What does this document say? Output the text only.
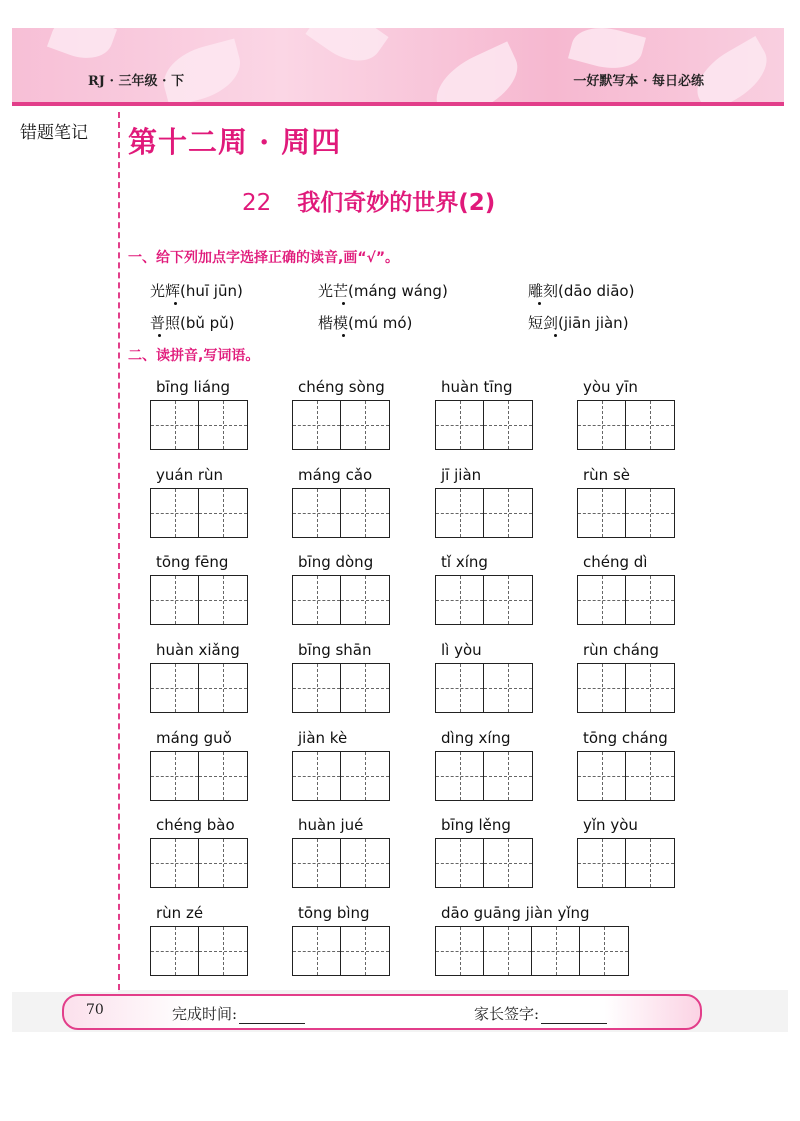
RJ · 三年级 · 下	一好默写本 · 每日必练
错题笔记 第十二周 · 周四
22 我们奇妙的世界(2)
一、给下列加点字选择正确的读音,画“√”。
光辉(huī jūn)	光芒(máng wáng)	雕刻(dāo diāo)
普照(bǔ pǔ)	楷模(mú mó)	短剑(jiān jiàn)
二、读拼音,写词语。
bīng liáng	chéng sòng	huàn tīng	yòu yīn
yuán rùn	máng cǎo	jī jiàn	rùn sè
tōng fēng	bīng dòng	tǐ xíng	chéng dì
huàn xiǎng	bīng shān	lì yòu	rùn cháng
máng guǒ	jiàn kè	dìng xíng	tōng cháng
chéng bào	huàn jué	bīng lěng	yǐn yòu
rùn zé	tōng bìng	dāo guāng jiàn yǐng
70	完成时间:	家长签字:
